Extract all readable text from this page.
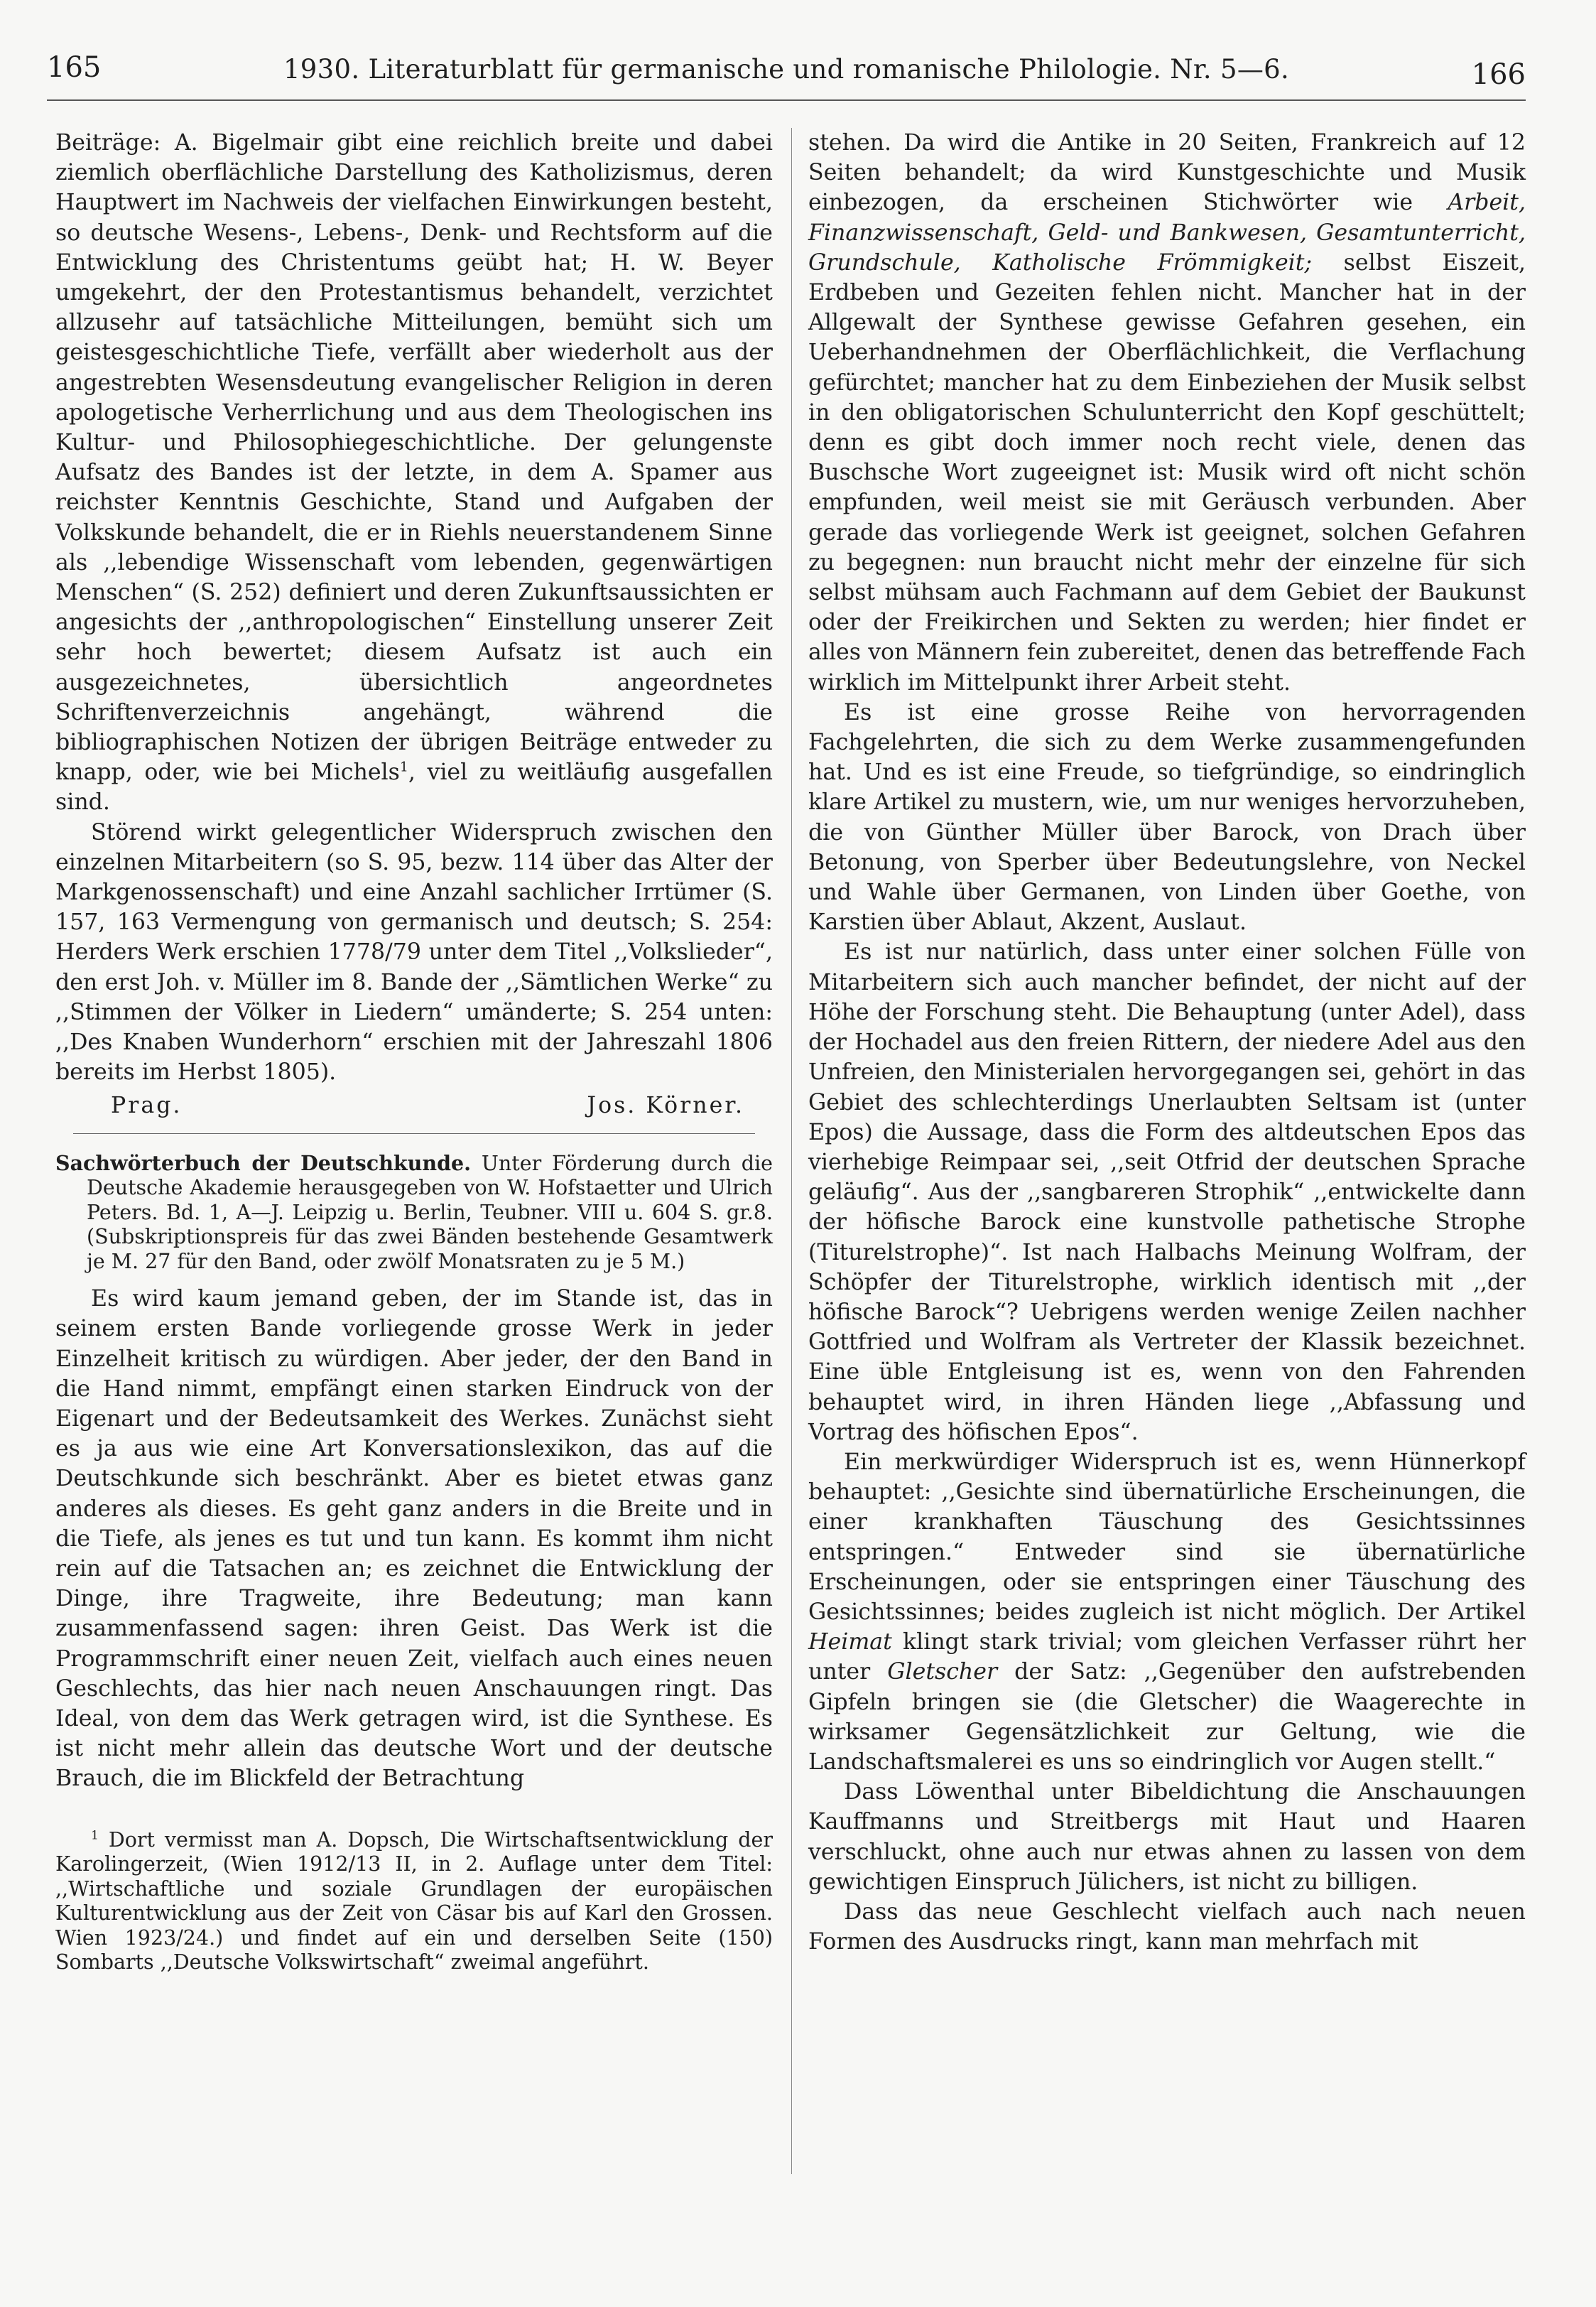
165	1930. Literaturblatt für germanische und romanische Philologie. Nr. 5—6.	166

Beiträge: A. Bigelmair gibt eine reichlich breite und dabei ziemlich oberflächliche Darstellung des Katholizismus, deren Hauptwert im Nachweis der vielfachen Einwirkungen besteht, so deutsche Wesens-, Lebens-, Denk- und Rechtsform auf die Entwicklung des Christentums geübt hat; H. W. Beyer umgekehrt, der den Protestantismus behandelt, verzichtet allzusehr auf tatsächliche Mitteilungen, bemüht sich um geistesgeschichtliche Tiefe, verfällt aber wiederholt aus der angestrebten Wesensdeutung evangelischer Religion in deren apologetische Verherrlichung und aus dem Theologischen ins Kultur- und Philosophiegeschichtliche. Der gelungenste Aufsatz des Bandes ist der letzte, in dem A. Spamer aus reichster Kenntnis Geschichte, Stand und Aufgaben der Volkskunde behandelt, die er in Riehls neuerstandenem Sinne als ,,lebendige Wissenschaft vom lebenden, gegenwärtigen Menschen“ (S. 252) definiert und deren Zukunftsaussichten er angesichts der ,,anthropologischen“ Einstellung unserer Zeit sehr hoch bewertet; diesem Aufsatz ist auch ein ausgezeichnetes, übersichtlich angeordnetes Schriftenverzeichnis angehängt, während die bibliographischen Notizen der übrigen Beiträge entweder zu knapp, oder, wie bei Michels$^1$, viel zu weitläufig ausgefallen sind.

Störend wirkt gelegentlicher Widerspruch zwischen den einzelnen Mitarbeitern (so S. 95, bezw. 114 über das Alter der Markgenossenschaft) und eine Anzahl sachlicher Irrtümer (S. 157, 163 Vermengung von germanisch und deutsch; S. 254: Herders Werk erschien 1778/79 unter dem Titel ,,Volkslieder“, den erst Joh. v. Müller im 8. Bande der ,,Sämtlichen Werke“ zu ,,Stimmen der Völker in Liedern“ umänderte; S. 254 unten: ,,Des Knaben Wunderhorn“ erschien mit der Jahreszahl 1806 bereits im Herbst 1805).

Prag.	Jos. Körner.

Sachwörterbuch der Deutschkunde. Unter Förderung durch die Deutsche Akademie herausgegeben von W. Hofstaetter und Ulrich Peters. Bd. 1, A—J. Leipzig u. Berlin, Teubner. VIII u. 604 S. gr.8. (Subskriptionspreis für das zwei Bänden bestehende Gesamtwerk je M. 27 für den Band, oder zwölf Monatsraten zu je 5 M.)

Es wird kaum jemand geben, der im Stande ist, das in seinem ersten Bande vorliegende grosse Werk in jeder Einzelheit kritisch zu würdigen. Aber jeder, der den Band in die Hand nimmt, empfängt einen starken Eindruck von der Eigenart und der Bedeutsamkeit des Werkes. Zunächst sieht es ja aus wie eine Art Konversationslexikon, das auf die Deutschkunde sich beschränkt. Aber es bietet etwas ganz anderes als dieses. Es geht ganz anders in die Breite und in die Tiefe, als jenes es tut und tun kann. Es kommt ihm nicht rein auf die Tatsachen an; es zeichnet die Entwicklung der Dinge, ihre Tragweite, ihre Bedeutung; man kann zusammenfassend sagen: ihren Geist. Das Werk ist die Programmschrift einer neuen Zeit, vielfach auch eines neuen Geschlechts, das hier nach neuen Anschauungen ringt. Das Ideal, von dem das Werk getragen wird, ist die Synthese. Es ist nicht mehr allein das deutsche Wort und der deutsche Brauch, die im Blickfeld der Betrachtung

$^1$ Dort vermisst man A. Dopsch, Die Wirtschaftsentwicklung der Karolingerzeit, (Wien 1912/13 II, in 2. Auflage unter dem Titel: ,,Wirtschaftliche und soziale Grundlagen der europäischen Kulturentwicklung aus der Zeit von Cäsar bis auf Karl den Grossen. Wien 1923/24.) und findet auf ein und derselben Seite (150) Sombarts ,,Deutsche Volkswirtschaft“ zweimal angeführt.

stehen. Da wird die Antike in 20 Seiten, Frankreich auf 12 Seiten behandelt; da wird Kunstgeschichte und Musik einbezogen, da erscheinen Stichwörter wie Arbeit, Finanzwissenschaft, Geld- und Bankwesen, Gesamtunterricht, Grundschule, Katholische Frömmigkeit; selbst Eiszeit, Erdbeben und Gezeiten fehlen nicht. Mancher hat in der Allgewalt der Synthese gewisse Gefahren gesehen, ein Ueberhandnehmen der Oberflächlichkeit, die Verflachung gefürchtet; mancher hat zu dem Einbeziehen der Musik selbst in den obligatorischen Schulunterricht den Kopf geschüttelt; denn es gibt doch immer noch recht viele, denen das Buschsche Wort zugeeignet ist: Musik wird oft nicht schön empfunden, weil meist sie mit Geräusch verbunden. Aber gerade das vorliegende Werk ist geeignet, solchen Gefahren zu begegnen: nun braucht nicht mehr der einzelne für sich selbst mühsam auch Fachmann auf dem Gebiet der Baukunst oder der Freikirchen und Sekten zu werden; hier findet er alles von Männern fein zubereitet, denen das betreffende Fach wirklich im Mittelpunkt ihrer Arbeit steht.

Es ist eine grosse Reihe von hervorragenden Fachgelehrten, die sich zu dem Werke zusammengefunden hat. Und es ist eine Freude, so tiefgründige, so eindringlich klare Artikel zu mustern, wie, um nur weniges hervorzuheben, die von Günther Müller über Barock, von Drach über Betonung, von Sperber über Bedeutungslehre, von Neckel und Wahle über Germanen, von Linden über Goethe, von Karstien über Ablaut, Akzent, Auslaut.

Es ist nur natürlich, dass unter einer solchen Fülle von Mitarbeitern sich auch mancher befindet, der nicht auf der Höhe der Forschung steht. Die Behauptung (unter Adel), dass der Hochadel aus den freien Rittern, der niedere Adel aus den Unfreien, den Ministerialen hervorgegangen sei, gehört in das Gebiet des schlechterdings Unerlaubten Seltsam ist (unter Epos) die Aussage, dass die Form des altdeutschen Epos das vierhebige Reimpaar sei, ,,seit Otfrid der deutschen Sprache geläufig“. Aus der ,,sangbareren Strophik“ ,,entwickelte dann der höfische Barock eine kunstvolle pathetische Strophe (Titurelstrophe)“. Ist nach Halbachs Meinung Wolfram, der Schöpfer der Titurelstrophe, wirklich identisch mit ,,der höfische Barock“? Uebrigens werden wenige Zeilen nachher Gottfried und Wolfram als Vertreter der Klassik bezeichnet. Eine üble Entgleisung ist es, wenn von den Fahrenden behauptet wird, in ihren Händen liege ,,Abfassung und Vortrag des höfischen Epos“.

Ein merkwürdiger Widerspruch ist es, wenn Hünnerkopf behauptet: ,,Gesichte sind übernatürliche Erscheinungen, die einer krankhaften Täuschung des Gesichtssinnes entspringen.“ Entweder sind sie übernatürliche Erscheinungen, oder sie entspringen einer Täuschung des Gesichtssinnes; beides zugleich ist nicht möglich. Der Artikel Heimat klingt stark trivial; vom gleichen Verfasser rührt her unter Gletscher der Satz: ,,Gegenüber den aufstrebenden Gipfeln bringen sie (die Gletscher) die Waagerechte in wirksamer Gegensätzlichkeit zur Geltung, wie die Landschaftsmalerei es uns so eindringlich vor Augen stellt.“

Dass Löwenthal unter Bibeldichtung die Anschauungen Kauffmanns und Streitbergs mit Haut und Haaren verschluckt, ohne auch nur etwas ahnen zu lassen von dem gewichtigen Einspruch Jülichers, ist nicht zu billigen.

Dass das neue Geschlecht vielfach auch nach neuen Formen des Ausdrucks ringt, kann man mehrfach mit
